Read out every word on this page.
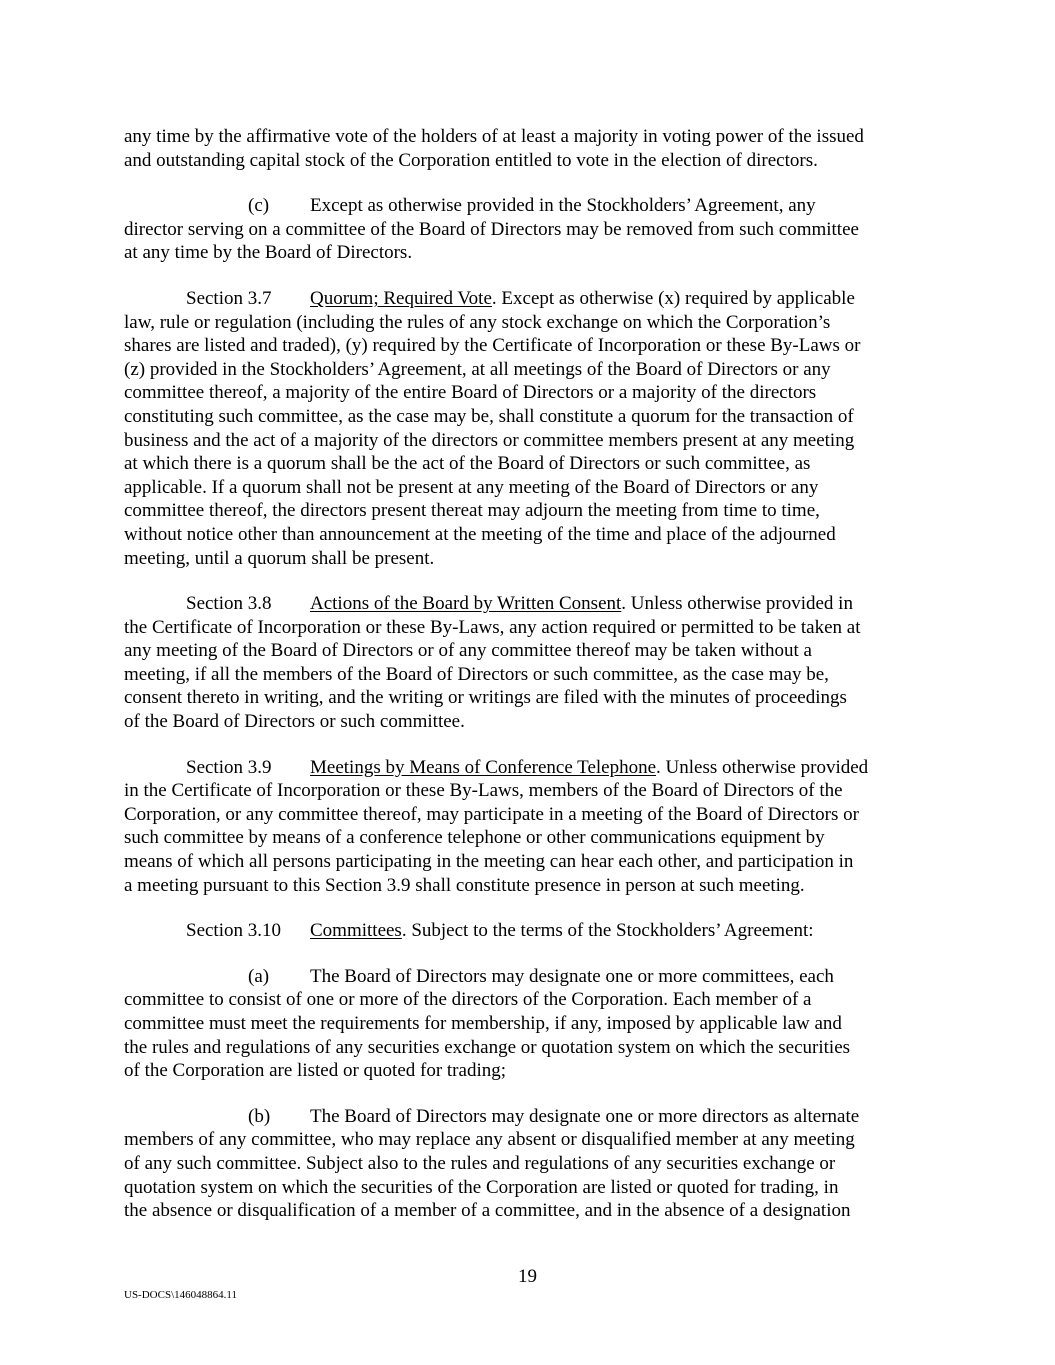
any time by the affirmative vote of the holders of at least a majority in voting power of the issued
and outstanding capital stock of the Corporation entitled to vote in the election of directors.

(c) Except as otherwise provided in the Stockholders’ Agreement, any
director serving on a committee of the Board of Directors may be removed from such committee
at any time by the Board of Directors.

Section 3.7 Quorum; Required Vote. Except as otherwise (x) required by applicable
law, rule or regulation (including the rules of any stock exchange on which the Corporation’s
shares are listed and traded), (y) required by the Certificate of Incorporation or these By-Laws or
(z) provided in the Stockholders’ Agreement, at all meetings of the Board of Directors or any
committee thereof, a majority of the entire Board of Directors or a majority of the directors
constituting such committee, as the case may be, shall constitute a quorum for the transaction of
business and the act of a majority of the directors or committee members present at any meeting
at which there is a quorum shall be the act of the Board of Directors or such committee, as
applicable. If a quorum shall not be present at any meeting of the Board of Directors or any
committee thereof, the directors present thereat may adjourn the meeting from time to time,
without notice other than announcement at the meeting of the time and place of the adjourned
meeting, until a quorum shall be present.

Section 3.8 Actions of the Board by Written Consent. Unless otherwise provided in
the Certificate of Incorporation or these By-Laws, any action required or permitted to be taken at
any meeting of the Board of Directors or of any committee thereof may be taken without a
meeting, if all the members of the Board of Directors or such committee, as the case may be,
consent thereto in writing, and the writing or writings are filed with the minutes of proceedings
of the Board of Directors or such committee.

Section 3.9 Meetings by Means of Conference Telephone. Unless otherwise provided
in the Certificate of Incorporation or these By-Laws, members of the Board of Directors of the
Corporation, or any committee thereof, may participate in a meeting of the Board of Directors or
such committee by means of a conference telephone or other communications equipment by
means of which all persons participating in the meeting can hear each other, and participation in
a meeting pursuant to this Section 3.9 shall constitute presence in person at such meeting.

Section 3.10 Committees. Subject to the terms of the Stockholders’ Agreement:

(a) The Board of Directors may designate one or more committees, each
committee to consist of one or more of the directors of the Corporation. Each member of a
committee must meet the requirements for membership, if any, imposed by applicable law and
the rules and regulations of any securities exchange or quotation system on which the securities
of the Corporation are listed or quoted for trading;

(b) The Board of Directors may designate one or more directors as alternate
members of any committee, who may replace any absent or disqualified member at any meeting
of any such committee. Subject also to the rules and regulations of any securities exchange or
quotation system on which the securities of the Corporation are listed or quoted for trading, in
the absence or disqualification of a member of a committee, and in the absence of a designation

19
US-DOCS\146048864.11
